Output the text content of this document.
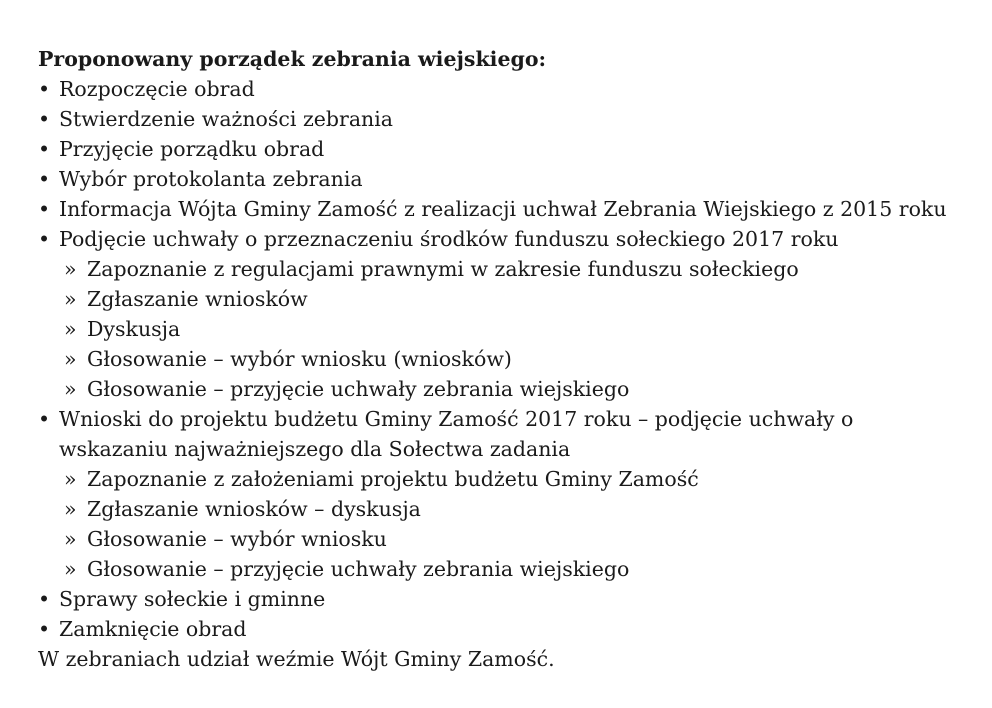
Proponowany porządek zebrania wiejskiego:

• Rozpoczęcie obrad
• Stwierdzenie ważności zebrania
• Przyjęcie porządku obrad
• Wybór protokolanta zebrania
• Informacja Wójta Gminy Zamość z realizacji uchwał Zebrania Wiejskiego z 2015 roku
• Podjęcie uchwały o przeznaczeniu środków funduszu sołeckiego 2017 roku
» Zapoznanie z regulacjami prawnymi w zakresie funduszu sołeckiego
» Zgłaszanie wniosków
» Dyskusja
» Głosowanie – wybór wniosku (wniosków)
» Głosowanie – przyjęcie uchwały zebrania wiejskiego
• Wnioski do projektu budżetu Gminy Zamość 2017 roku – podjęcie uchwały o wskazaniu najważniejszego dla Sołectwa zadania
» Zapoznanie z założeniami projektu budżetu Gminy Zamość
» Zgłaszanie wniosków – dyskusja
» Głosowanie – wybór wniosku
» Głosowanie – przyjęcie uchwały zebrania wiejskiego
• Sprawy sołeckie i gminne
• Zamknięcie obrad

W zebraniach udział weźmie Wójt Gminy Zamość.
